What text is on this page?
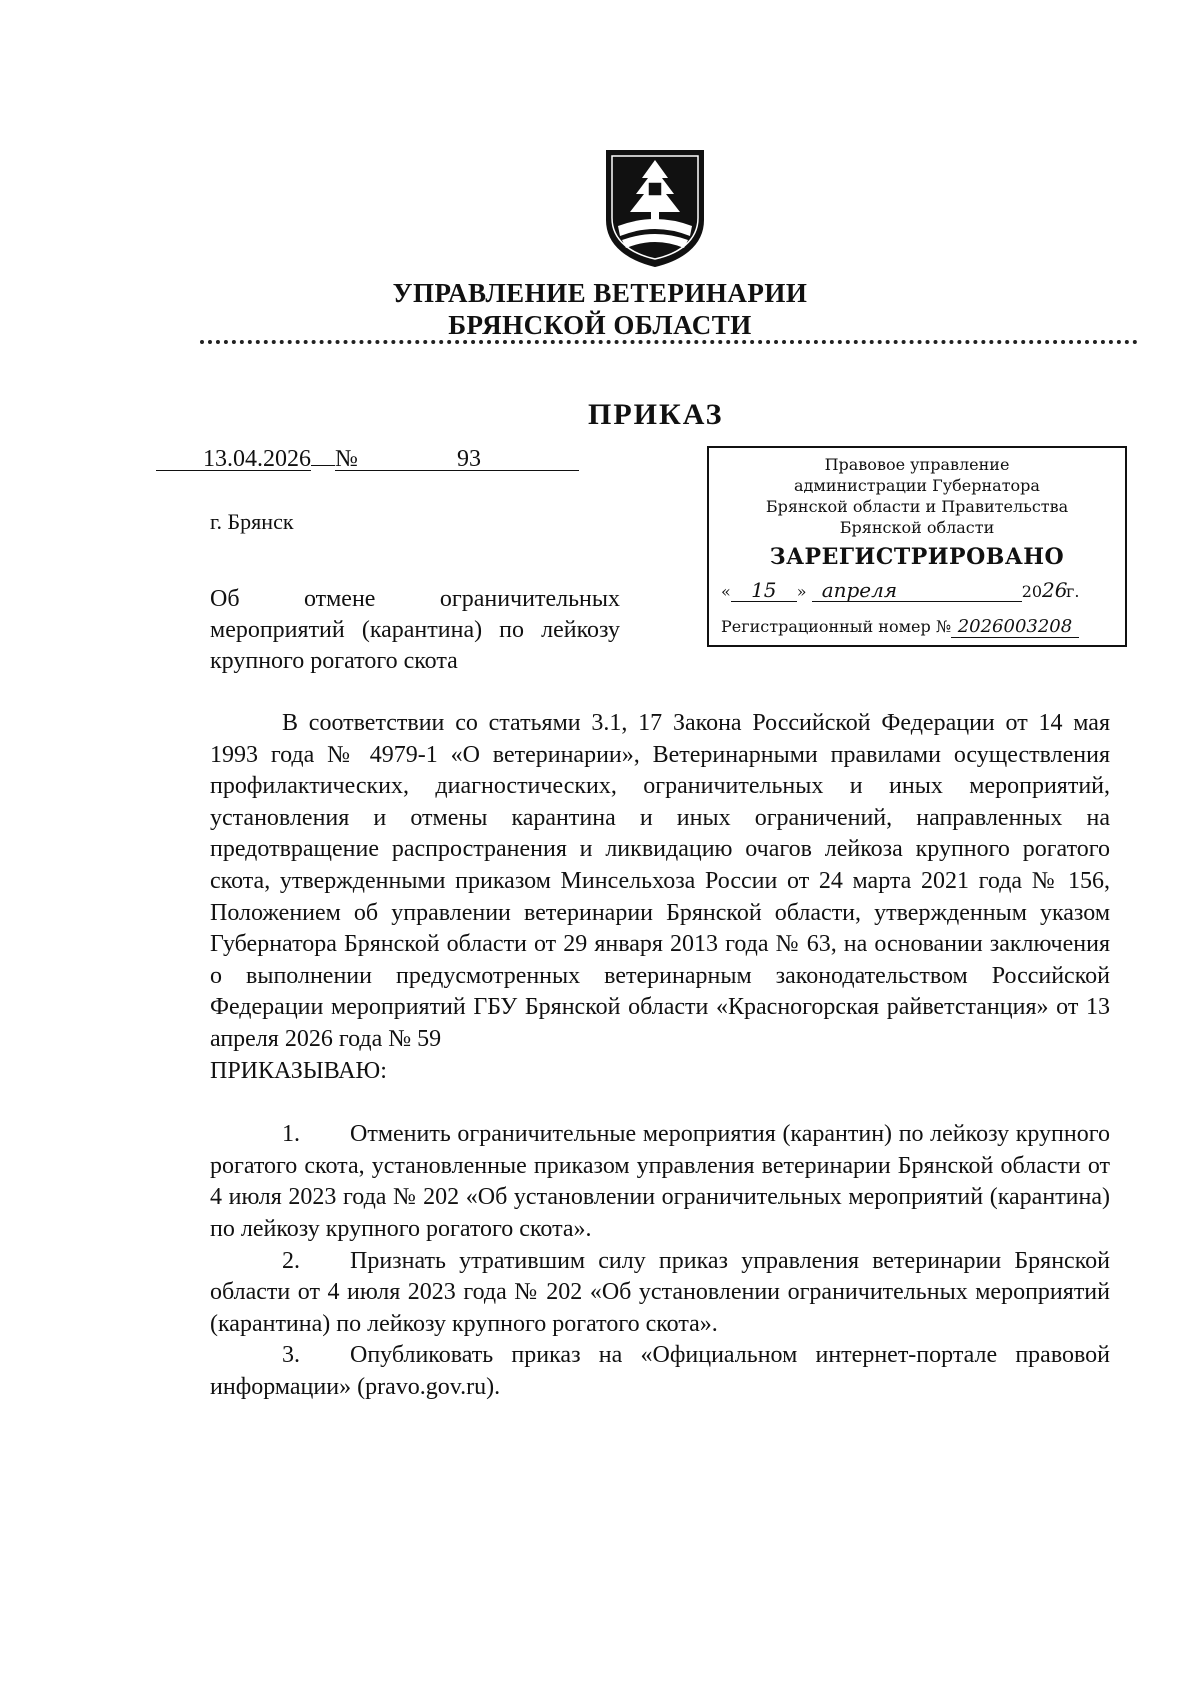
УПРАВЛЕНИЕ ВЕТЕРИНАРИИ
БРЯНСКОЙ ОБЛАСТИ
ПРИКАЗ
13.04.2026 №	93
г. Брянск
Об отмене ограничительных мероприятий (карантина) по лейкозу крупного рогатого скота
Правовое управление
администрации Губернатора
Брянской области и Правительства
Брянской области
ЗАРЕГИСТРИРОВАНО
« 15 » апреля	2026г.
Регистрационный номер № 2026003208

В соответствии со статьями 3.1, 17 Закона Российской Федерации от 14 мая 1993 года № 4979-1 «О ветеринарии», Ветеринарными правилами осуществления профилактических, диагностических, ограничительных и иных мероприятий, установления и отмены карантина и иных ограничений, направленных на предотвращение распространения и ликвидацию очагов лейкоза крупного рогатого скота, утвержденными приказом Минсельхоза России от 24 марта 2021 года № 156, Положением об управлении ветеринарии Брянской области, утвержденным указом Губернатора Брянской области от 29 января 2013 года № 63, на основании заключения о выполнении предусмотренных ветеринарным законодательством Российской Федерации мероприятий ГБУ Брянской области «Красногорская райветстанция» от 13 апреля 2026 года № 59

ПРИКАЗЫВАЮ:

1. Отменить ограничительные мероприятия (карантин) по лейкозу крупного рогатого скота, установленные приказом управления ветеринарии Брянской области от 4 июля 2023 года № 202 «Об установлении ограничительных мероприятий (карантина) по лейкозу крупного рогатого скота».

2. Признать утратившим силу приказ управления ветеринарии Брянской области от 4 июля 2023 года № 202 «Об установлении ограничительных мероприятий (карантина) по лейкозу крупного рогатого скота».

3. Опубликовать приказ на «Официальном интернет-портале правовой информации» (pravo.gov.ru).
